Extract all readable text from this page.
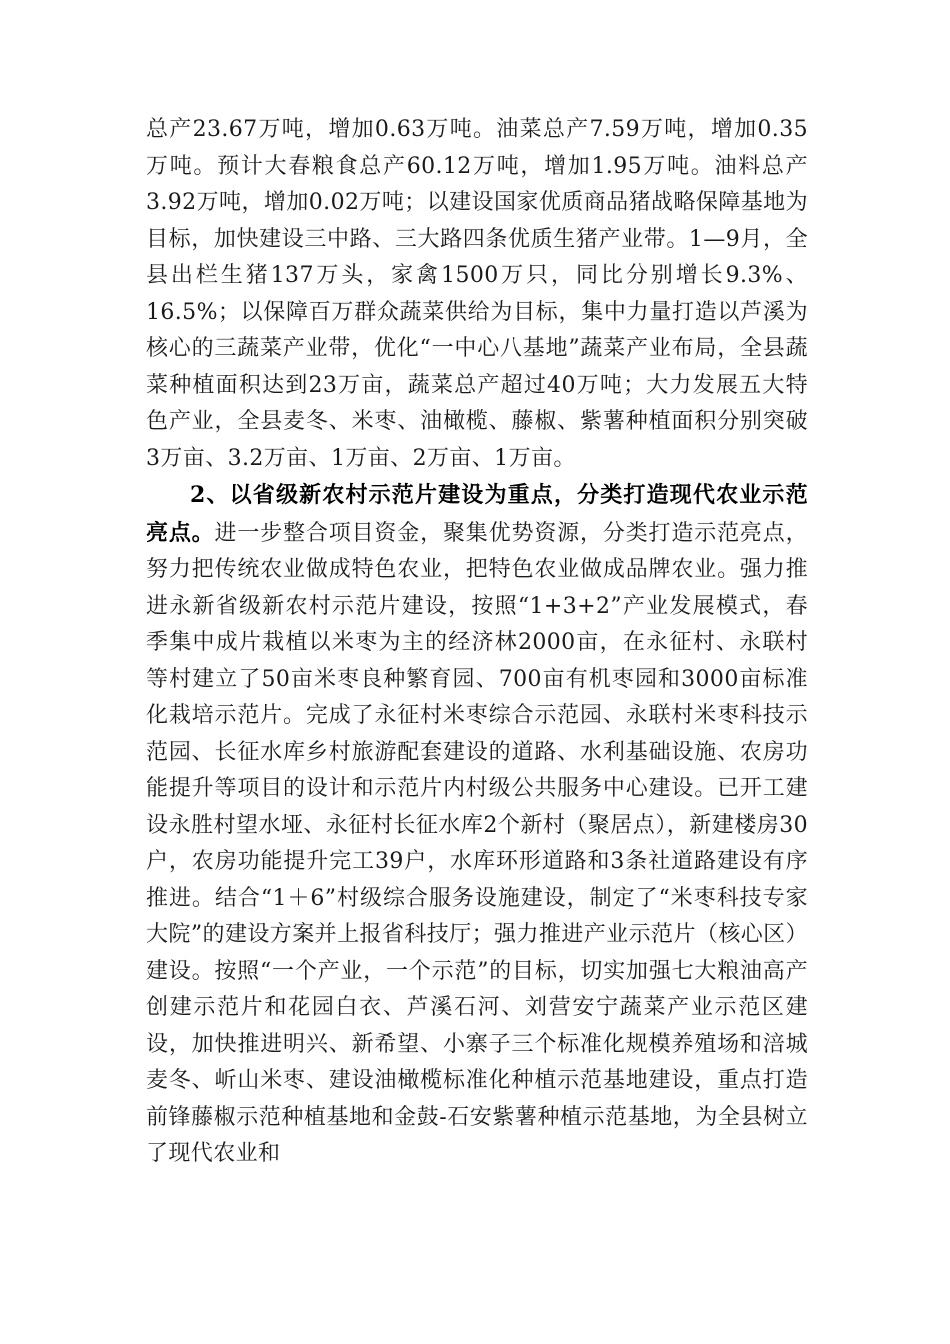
总产23.67万吨，增加0.63万吨。油菜总产7.59万吨，增加0.35万吨。预计大春粮食总产60.12万吨，增加1.95万吨。油料总产3.92万吨，增加0.02万吨；以建设国家优质商品猪战略保障基地为目标，加快建设三中路、三大路四条优质生猪产业带。1—9月，全县出栏生猪137万头，家禽1500万只，同比分别增长9.3%、16.5%；以保障百万群众蔬菜供给为目标，集中力量打造以芦溪为核心的三蔬菜产业带，优化“一中心八基地”蔬菜产业布局，全县蔬菜种植面积达到23万亩，蔬菜总产超过40万吨；大力发展五大特色产业，全县麦冬、米枣、油橄榄、藤椒、紫薯种植面积分别突破3万亩、3.2万亩、1万亩、2万亩、1万亩。

2、以省级新农村示范片建设为重点，分类打造现代农业示范亮点。进一步整合项目资金，聚集优势资源，分类打造示范亮点，努力把传统农业做成特色农业，把特色农业做成品牌农业。强力推进永新省级新农村示范片建设，按照“1+3+2”产业发展模式，春季集中成片栽植以米枣为主的经济林2000亩，在永征村、永联村等村建立了50亩米枣良种繁育园、700亩有机枣园和3000亩标准化栽培示范片。完成了永征村米枣综合示范园、永联村米枣科技示范园、长征水库乡村旅游配套建设的道路、水利基础设施、农房功能提升等项目的设计和示范片内村级公共服务中心建设。已开工建设永胜村望水垭、永征村长征水库2个新村（聚居点），新建楼房30户，农房功能提升完工39户，水库环形道路和3条社道路建设有序推进。结合“1＋6”村级综合服务设施建设，制定了“米枣科技专家大院”的建设方案并上报省科技厅；强力推进产业示范片（核心区）建设。按照“一个产业，一个示范”的目标，切实加强七大粮油高产创建示范片和花园白衣、芦溪石河、刘营安宁蔬菜产业示范区建设，加快推进明兴、新希望、小寨子三个标准化规模养殖场和涪城麦冬、岓山米枣、建设油橄榄标准化种植示范基地建设，重点打造前锋藤椒示范种植基地和金鼓-石安紫薯种植示范基地，为全县树立了现代农业和
